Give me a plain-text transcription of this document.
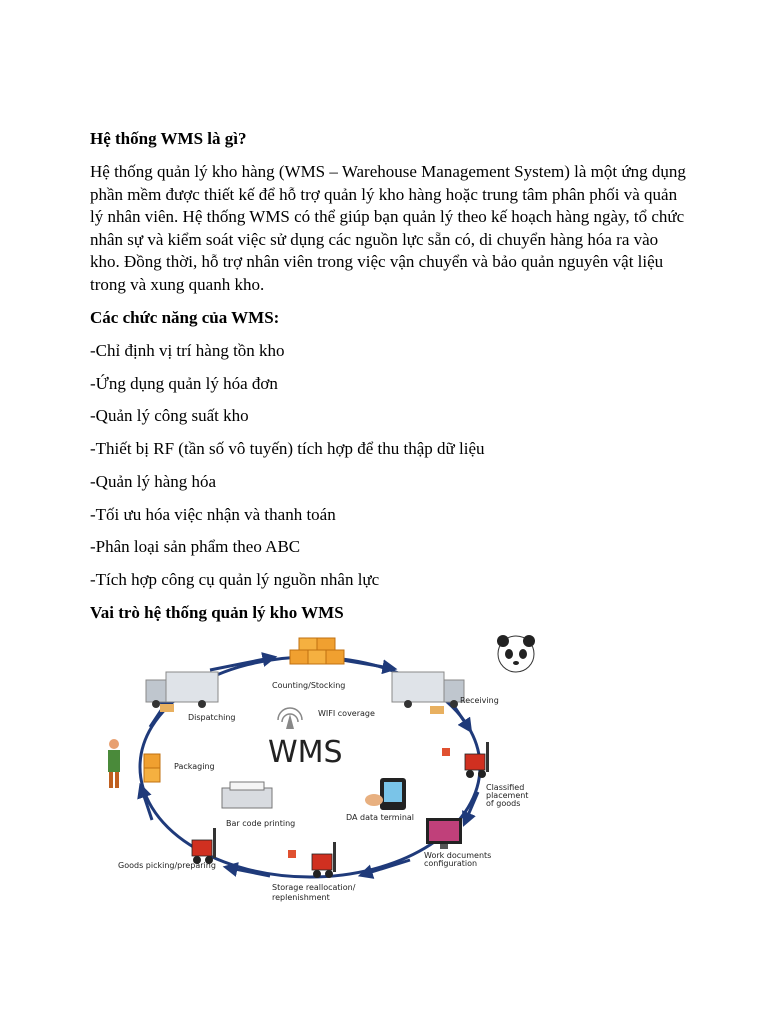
Hệ thống WMS là gì?
Hệ thống quản lý kho hàng (WMS – Warehouse Management System) là một ứng dụng phần mềm được thiết kế để hỗ trợ quản lý kho hàng hoặc trung tâm phân phối và quản lý nhân viên. Hệ thống WMS có thể giúp bạn quản lý theo kế hoạch hàng ngày, tổ chức nhân sự và kiểm soát việc sử dụng các nguồn lực sẵn có, di chuyển hàng hóa ra vào kho. Đồng thời, hỗ trợ nhân viên trong việc vận chuyển và bảo quản nguyên vật liệu trong và xung quanh kho.
Các chức năng của WMS:
-Chỉ định vị trí hàng tồn kho
-Ứng dụng quản lý hóa đơn
-Quản lý công suất kho
-Thiết bị RF (tần số vô tuyến) tích hợp để thu thập dữ liệu
-Quản lý hàng hóa
-Tối ưu hóa việc nhận và thanh toán
-Phân loại sản phẩm theo ABC
-Tích hợp công cụ quản lý nguồn nhân lực
Vai trò hệ thống quản lý kho WMS
Counting/Stocking
Receiving
Dispatching	WIFI coverage
WMS
Classified
placement
of goods
DA data terminal
Work documents
configuration
Bar code printing
Packaging
Goods picking/preparing
Storage reallocation/
replenishment
